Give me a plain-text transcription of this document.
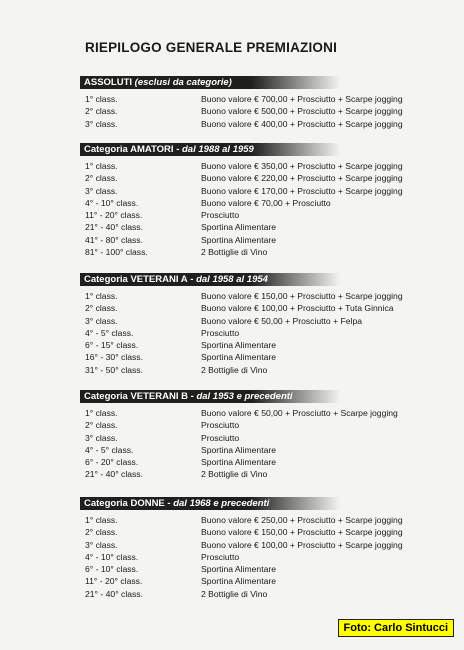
RIEPILOGO GENERALE PREMIAZIONI
ASSOLUTI (esclusi da categorie)
1° class.	Buono valore € 700,00 + Prosciutto + Scarpe jogging
2° class.	Buono valore € 500,00 + Prosciutto + Scarpe jogging
3° class.	Buono valore € 400,00 + Prosciutto + Scarpe jogging
Categoria AMATORI - dal 1988 al 1959
1° class.	Buono valore € 350,00 + Prosciutto + Scarpe jogging
2° class.	Buono valore € 220,00 + Prosciutto + Scarpe jogging
3° class.	Buono valore € 170,00 + Prosciutto + Scarpe jogging
4° - 10° class.	Buono valore € 70,00 + Prosciutto
11° - 20° class.	Prosciutto
21° - 40° class.	Sportina Alimentare
41° - 80° class.	Sportina Alimentare
81° - 100° class.	2 Bottiglie di Vino
Categoria VETERANI A - dal 1958 al 1954
1° class.	Buono valore € 150,00 + Prosciutto + Scarpe jogging
2° class.	Buono valore € 100,00 + Prosciutto + Tuta Ginnica
3° class.	Buono valore € 50,00 + Prosciutto + Felpa
4° - 5° class.	Prosciutto
6° - 15° class.	Sportina Alimentare
16° - 30° class.	Sportina Alimentare
31° - 50° class.	2 Bottiglie di Vino
Categoria VETERANI B - dal 1953 e precedenti
1° class.	Buono valore € 50,00 + Prosciutto + Scarpe jogging
2° class.	Prosciutto
3° class.	Prosciutto
4° - 5° class.	Sportina Alimentare
6° - 20° class.	Sportina Alimentare
21° - 40° class.	2 Bottiglie di Vino
Categoria DONNE - dal 1968 e precedenti
1° class.	Buono valore € 250,00 + Prosciutto + Scarpe jogging
2° class.	Buono valore € 150,00 + Prosciutto + Scarpe jogging
3° class.	Buono valore € 100,00 + Prosciutto + Scarpe jogging
4° - 10° class.	Prosciutto
6° - 10° class.	Sportina Alimentare
11° - 20° class.	Sportina Alimentare
21° - 40° class.	2 Bottiglie di Vino
Foto: Carlo Sintucci
